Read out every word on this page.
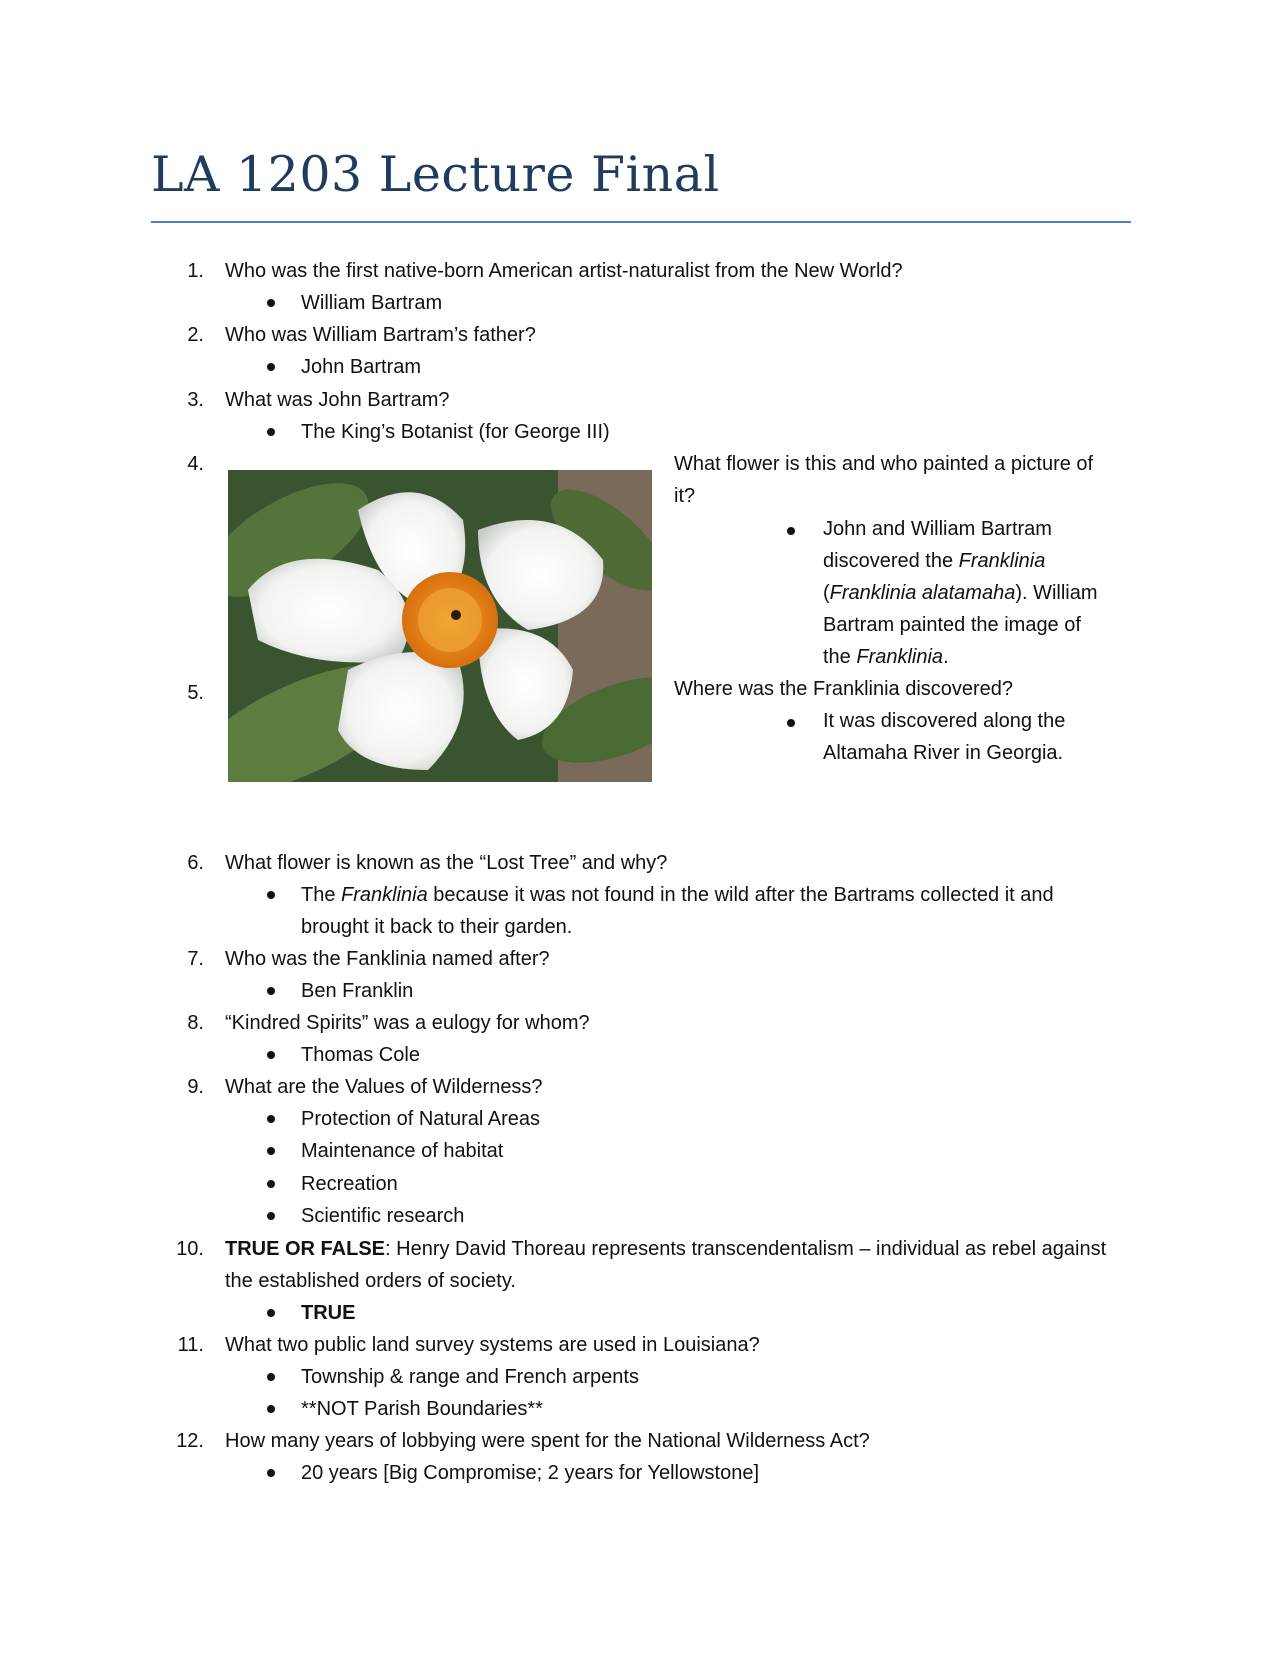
LA 1203 Lecture Final
1. Who was the first native-born American artist-naturalist from the New World?
William Bartram
2. Who was William Bartram’s father?
John Bartram
3. What was John Bartram?
The King’s Botanist (for George III)
4.	What flower is this and who painted a picture of
it?
John and William Bartram
discovered the Franklinia
(Franklinia alatamaha). William
Bartram painted the image of
the Franklinia.
5.	Where was the Franklinia discovered?
It was discovered along the
Altamaha River in Georgia.
6. What flower is known as the “Lost Tree” and why?
The Franklinia because it was not found in the wild after the Bartrams collected it and
brought it back to their garden.
7. Who was the Fanklinia named after?
Ben Franklin
8. “Kindred Spirits” was a eulogy for whom?
Thomas Cole
9. What are the Values of Wilderness?
Protection of Natural Areas
Maintenance of habitat
Recreation
Scientific research
10. TRUE OR FALSE: Henry David Thoreau represents transcendentalism – individual as rebel against
the established orders of society.
TRUE
11. What two public land survey systems are used in Louisiana?
Township & range and French arpents
**NOT Parish Boundaries**
12. How many years of lobbying were spent for the National Wilderness Act?
20 years [Big Compromise; 2 years for Yellowstone]
